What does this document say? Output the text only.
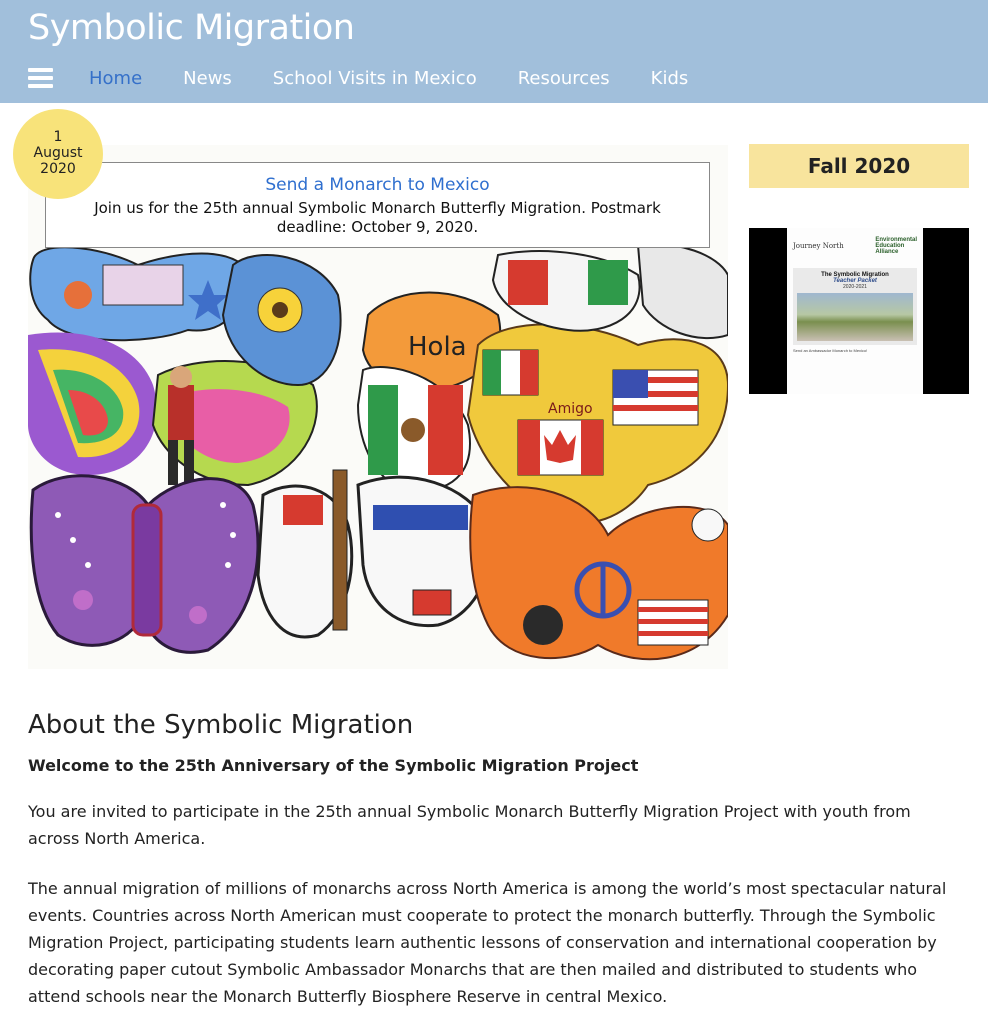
Symbolic Migration
Home News School Visits in Mexico Resources Kids
Hola
Amigo
1
August
2020
Send a Monarch to Mexico
Join us for the 25th annual Symbolic Monarch Butterfly Migration. Postmark deadline: October 9, 2020.
Fall 2020
Journey North
Environmental
Education
Alliance
The Symbolic Migration
Teacher Packet
2020-2021
Send an Ambassador Monarch to Mexico!
About the Symbolic Migration
Welcome to the 25th Anniversary of the Symbolic Migration Project

You are invited to participate in the 25th annual Symbolic Monarch Butterfly Migration Project with youth from across North America.

The annual migration of millions of monarchs across North America is among the world’s most spectacular natural events. Countries across North American must cooperate to protect the monarch butterfly. Through the Symbolic Migration Project, participating students learn authentic lessons of conservation and international cooperation by decorating paper cutout Symbolic Ambassador Monarchs that are then mailed and distributed to students who attend schools near the Monarch Butterfly Biosphere Reserve in central Mexico.
